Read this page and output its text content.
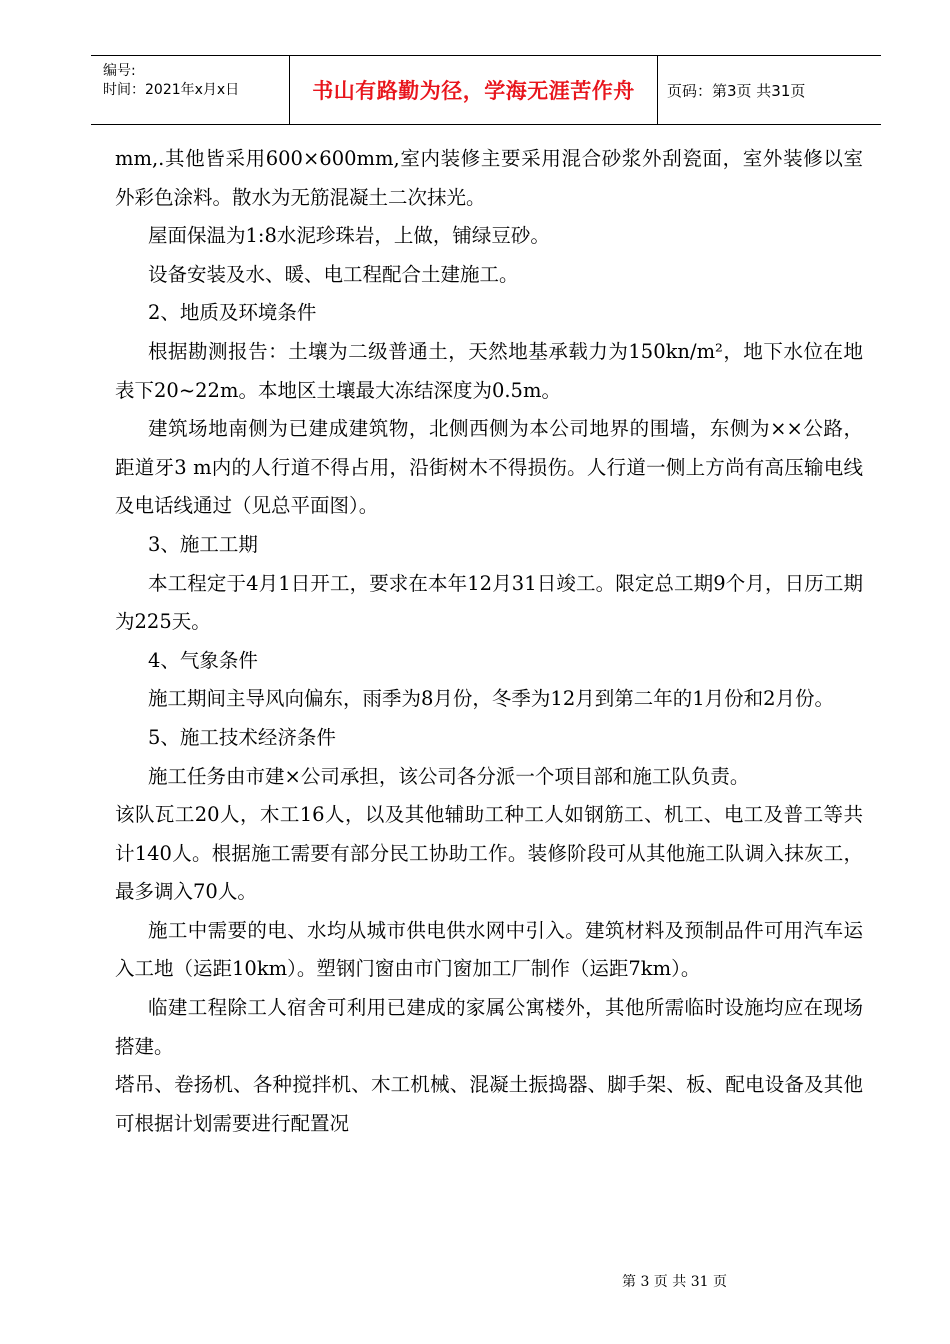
编号:
时间：2021年x月x日	书山有路勤为径，学海无涯苦作舟 页码：第3页 共31页

mm,.其他皆采用600×600mm,室内装修主要采用混合砂浆外刮瓷面，室外装修以室外彩色涂料。散水为无筋混凝土二次抹光。

屋面保温为1:8水泥珍珠岩，上做，铺绿豆砂。

设备安装及水、暖、电工程配合土建施工。

2、地质及环境条件

根据勘测报告：土壤为二级普通土，天然地基承载力为150kn/m²，地下水位在地表下20~22m。本地区土壤最大冻结深度为0.5m。

建筑场地南侧为已建成建筑物，北侧西侧为本公司地界的围墙，东侧为××公路，距道牙3 m内的人行道不得占用，沿街树木不得损伤。人行道一侧上方尚有高压输电线及电话线通过（见总平面图）。

3、施工工期

本工程定于4月1日开工，要求在本年12月31日竣工。限定总工期9个月，日历工期为225天。

4、气象条件

施工期间主导风向偏东，雨季为8月份，冬季为12月到第二年的1月份和2月份。

5、施工技术经济条件

施工任务由市建×公司承担，该公司各分派一个项目部和施工队负责。

该队瓦工20人，木工16人，以及其他辅助工种工人如钢筋工、机工、电工及普工等共计140人。根据施工需要有部分民工协助工作。装修阶段可从其他施工队调入抹灰工，最多调入70人。

施工中需要的电、水均从城市供电供水网中引入。建筑材料及预制品件可用汽车运入工地（运距10km）。塑钢门窗由市门窗加工厂制作（运距7km）。

临建工程除工人宿舍可利用已建成的家属公寓楼外，其他所需临时设施均应在现场搭建。

塔吊、卷扬机、各种搅拌机、木工机械、混凝土振捣器、脚手架、板、配电设备及其他可根据计划需要进行配置况

第 3 页 共 31 页
